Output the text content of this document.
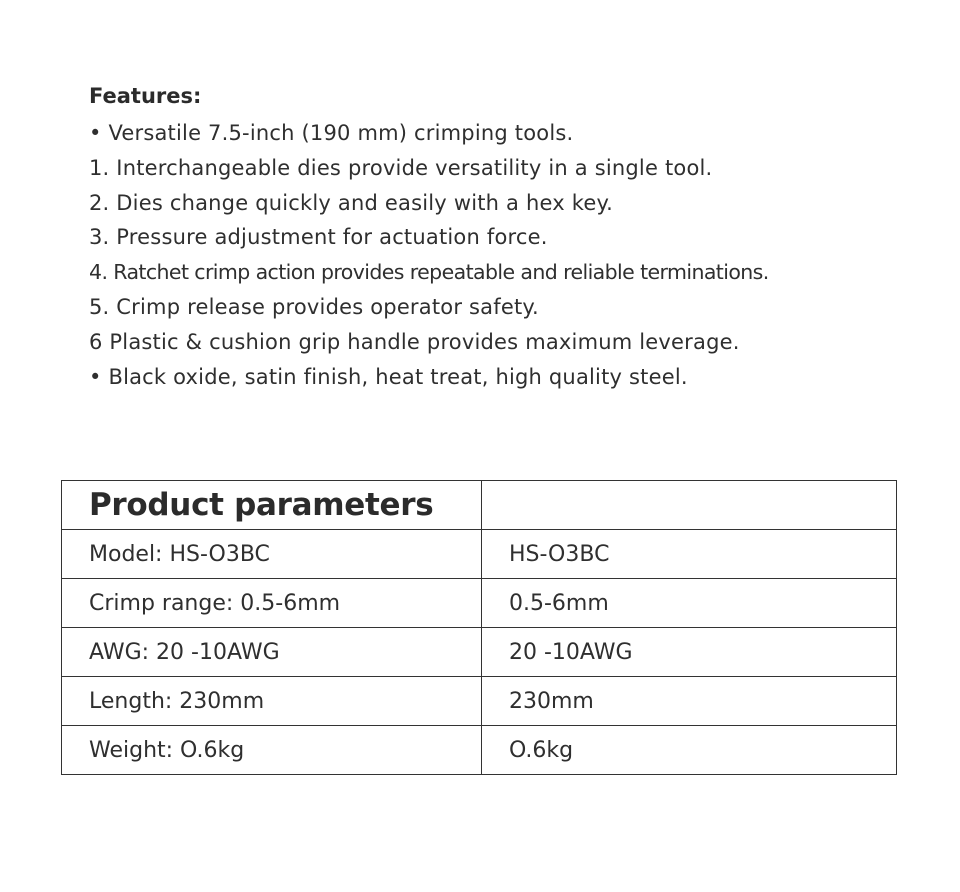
Features:
• Versatile 7.5-inch (190 mm) crimping tools.
1. Interchangeable dies provide versatility in a single tool.
2. Dies change quickly and easily with a hex key.
3. Pressure adjustment for actuation force.
4. Ratchet crimp action provides repeatable and reliable terminations.
5. Crimp release provides operator safety.
6 Plastic & cushion grip handle provides maximum leverage.
• Black oxide, satin finish, heat treat, high quality steel.
Product parameters	
Model: HS-O3BC	HS-O3BC
Crimp range: 0.5-6mm	0.5-6mm
AWG: 20 -10AWG	20 -10AWG
Length: 230mm	230mm
Weight: O.6kg	O.6kg
